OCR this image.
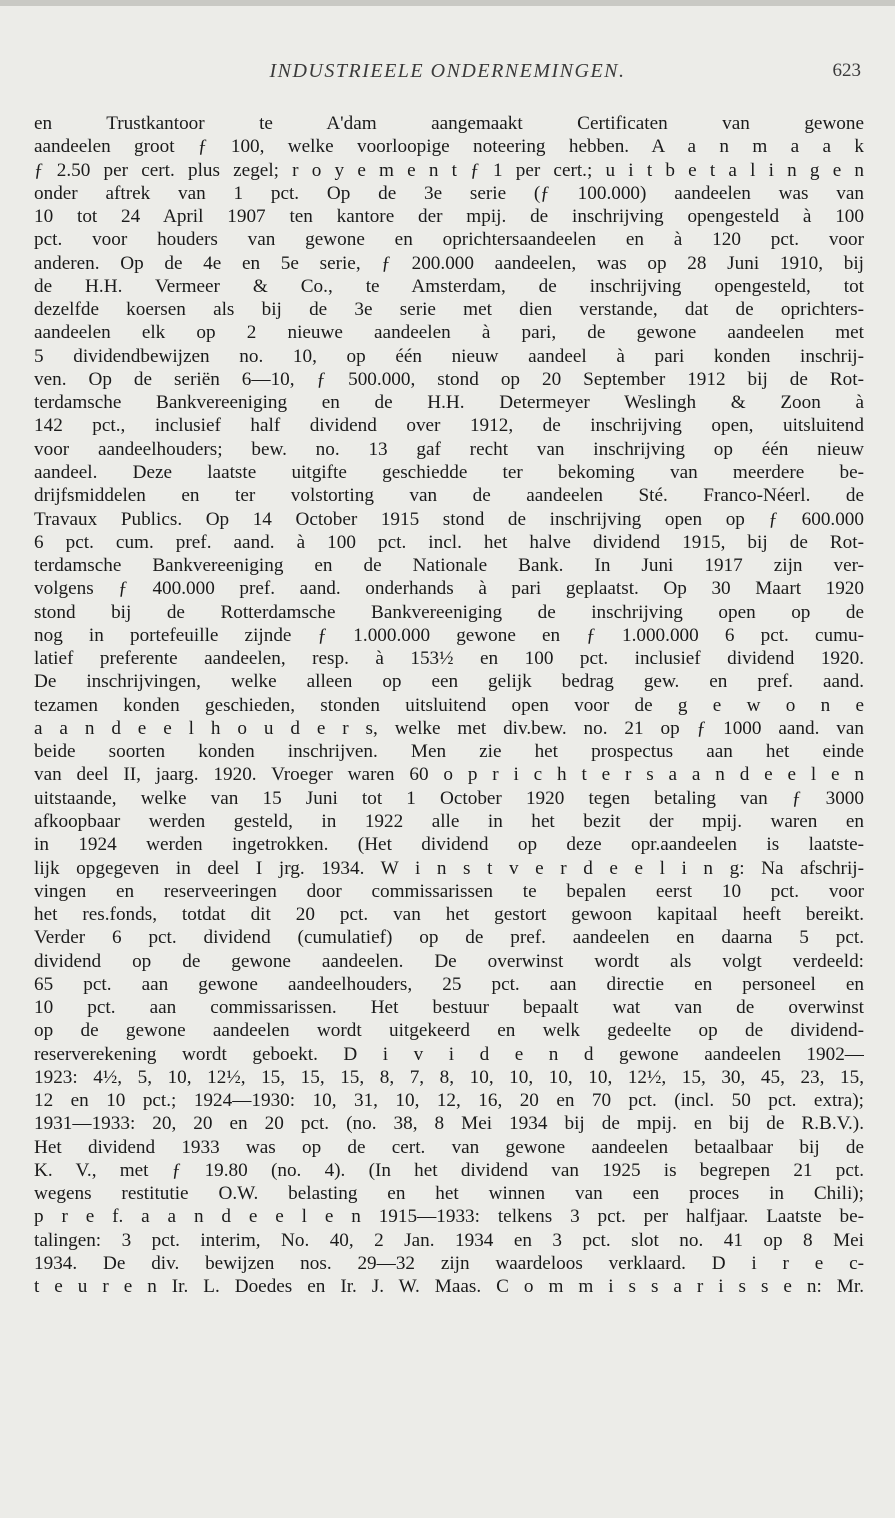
INDUSTRIEELE ONDERNEMINGEN.	623
en Trustkantoor te A'dam aangemaakt Certificaten van gewone
aandeelen groot ƒ 100, welke voorloopige noteering hebben. A a n m a a k
ƒ 2.50 per cert. plus zegel; r o y e m e n t ƒ 1 per cert.; u i t b e t a l i n g e n
onder aftrek van 1 pct. Op de 3e serie (ƒ 100.000) aandeelen was van
10 tot 24 April 1907 ten kantore der mpij. de inschrijving opengesteld à 100
pct. voor houders van gewone en oprichtersaandeelen en à 120 pct. voor
anderen. Op de 4e en 5e serie, ƒ 200.000 aandeelen, was op 28 Juni 1910, bij
de H.H. Vermeer & Co., te Amsterdam, de inschrijving opengesteld, tot
dezelfde koersen als bij de 3e serie met dien verstande, dat de oprichters-
aandeelen elk op 2 nieuwe aandeelen à pari, de gewone aandeelen met
5 dividendbewijzen no. 10, op één nieuw aandeel à pari konden inschrij-
ven. Op de seriën 6—10, ƒ 500.000, stond op 20 September 1912 bij de Rot-
terdamsche Bankvereeniging en de H.H. Determeyer Weslingh & Zoon à
142 pct., inclusief half dividend over 1912, de inschrijving open, uitsluitend
voor aandeelhouders; bew. no. 13 gaf recht van inschrijving op één nieuw
aandeel. Deze laatste uitgifte geschiedde ter bekoming van meerdere be-
drijfsmiddelen en ter volstorting van de aandeelen Sté. Franco-Néerl. de
Travaux Publics. Op 14 October 1915 stond de inschrijving open op ƒ 600.000
6 pct. cum. pref. aand. à 100 pct. incl. het halve dividend 1915, bij de Rot-
terdamsche Bankvereeniging en de Nationale Bank. In Juni 1917 zijn ver-
volgens ƒ 400.000 pref. aand. onderhands à pari geplaatst. Op 30 Maart 1920
stond bij de Rotterdamsche Bankvereeniging de inschrijving open op de
nog in portefeuille zijnde ƒ 1.000.000 gewone en ƒ 1.000.000 6 pct. cumu-
latief preferente aandeelen, resp. à 153½ en 100 pct. inclusief dividend 1920.
De inschrijvingen, welke alleen op een gelijk bedrag gew. en pref. aand.
tezamen konden geschieden, stonden uitsluitend open voor de g e w o n e
a a n d e e l h o u d e r s, welke met div.bew. no. 21 op ƒ 1000 aand. van
beide soorten konden inschrijven. Men zie het prospectus aan het einde
van deel II, jaarg. 1920. Vroeger waren 60 o p r i c h t e r s a a n d e e l e n
uitstaande, welke van 15 Juni tot 1 October 1920 tegen betaling van ƒ 3000
afkoopbaar werden gesteld, in 1922 alle in het bezit der mpij. waren en
in 1924 werden ingetrokken. (Het dividend op deze opr.aandeelen is laatste-
lijk opgegeven in deel I jrg. 1934. W i n s t v e r d e e l i n g: Na afschrij-
vingen en reserveeringen door commissarissen te bepalen eerst 10 pct. voor
het res.fonds, totdat dit 20 pct. van het gestort gewoon kapitaal heeft bereikt.
Verder 6 pct. dividend (cumulatief) op de pref. aandeelen en daarna 5 pct.
dividend op de gewone aandeelen. De overwinst wordt als volgt verdeeld:
65 pct. aan gewone aandeelhouders, 25 pct. aan directie en personeel en
10 pct. aan commissarissen. Het bestuur bepaalt wat van de overwinst
op de gewone aandeelen wordt uitgekeerd en welk gedeelte op de dividend-
reserverekening wordt geboekt. D i v i d e n d gewone aandeelen 1902—
1923: 4½, 5, 10, 12½, 15, 15, 15, 8, 7, 8, 10, 10, 10, 10, 12½, 15, 30, 45, 23, 15,
12 en 10 pct.; 1924—1930: 10, 31, 10, 12, 16, 20 en 70 pct. (incl. 50 pct. extra);
1931—1933: 20, 20 en 20 pct. (no. 38, 8 Mei 1934 bij de mpij. en bij de R.B.V.).
Het dividend 1933 was op de cert. van gewone aandeelen betaalbaar bij de
K. V., met ƒ 19.80 (no. 4). (In het dividend van 1925 is begrepen 21 pct.
wegens restitutie O.W. belasting en het winnen van een proces in Chili);
p r e f. a a n d e e l e n 1915—1933: telkens 3 pct. per halfjaar. Laatste be-
talingen: 3 pct. interim, No. 40, 2 Jan. 1934 en 3 pct. slot no. 41 op 8 Mei
1934. De div. bewijzen nos. 29—32 zijn waardeloos verklaard. D i r e c-
t e u r e n Ir. L. Doedes en Ir. J. W. Maas. C o m m i s s a r i s s e n: Mr.
